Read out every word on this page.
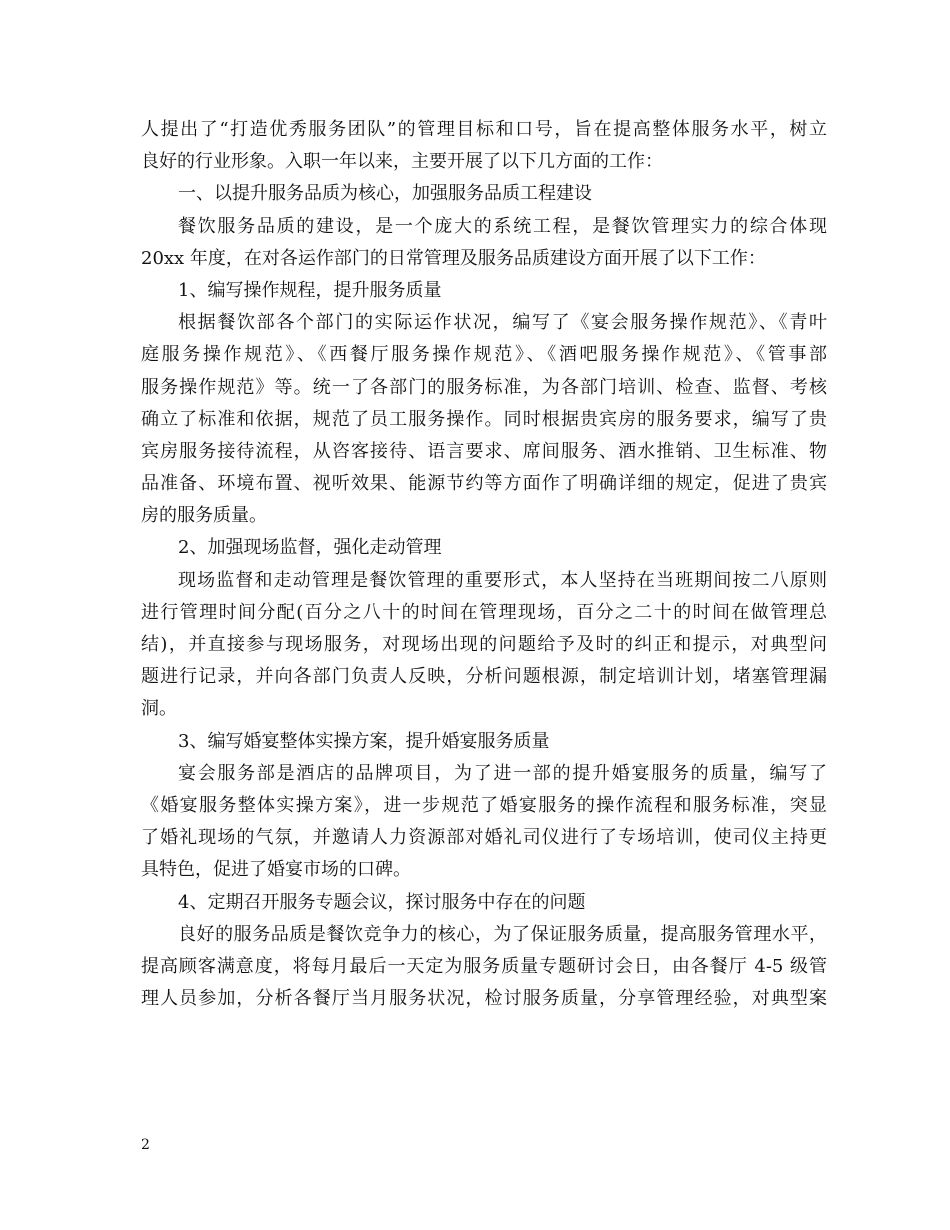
人提出了“打造优秀服务团队”的管理目标和口号，旨在提高整体服务水平，树立
良好的行业形象。入职一年以来，主要开展了以下几方面的工作：
一、以提升服务品质为核心，加强服务品质工程建设
餐饮服务品质的建设，是一个庞大的系统工程，是餐饮管理实力的综合体现
20xx 年度，在对各运作部门的日常管理及服务品质建设方面开展了以下工作：
1、编写操作规程，提升服务质量
根据餐饮部各个部门的实际运作状况，编写了《宴会服务操作规范》、《青叶
庭服务操作规范》、《西餐厅服务操作规范》、《酒吧服务操作规范》、《管事部
服务操作规范》等。统一了各部门的服务标准，为各部门培训、检查、监督、考核
确立了标准和依据，规范了员工服务操作。同时根据贵宾房的服务要求，编写了贵
宾房服务接待流程，从咨客接待、语言要求、席间服务、酒水推销、卫生标准、物
品准备、环境布置、视听效果、能源节约等方面作了明确详细的规定，促进了贵宾
房的服务质量。
2、加强现场监督，强化走动管理
现场监督和走动管理是餐饮管理的重要形式，本人坚持在当班期间按二八原则
进行管理时间分配(百分之八十的时间在管理现场，百分之二十的时间在做管理总
结)，并直接参与现场服务，对现场出现的问题给予及时的纠正和提示，对典型问
题进行记录，并向各部门负责人反映，分析问题根源，制定培训计划，堵塞管理漏
洞。
3、编写婚宴整体实操方案，提升婚宴服务质量
宴会服务部是酒店的品牌项目，为了进一部的提升婚宴服务的质量，编写了
《婚宴服务整体实操方案》，进一步规范了婚宴服务的操作流程和服务标准，突显
了婚礼现场的气氛，并邀请人力资源部对婚礼司仪进行了专场培训，使司仪主持更
具特色，促进了婚宴市场的口碑。
4、定期召开服务专题会议，探讨服务中存在的问题
良好的服务品质是餐饮竞争力的核心，为了保证服务质量，提高服务管理水平，
提高顾客满意度，将每月最后一天定为服务质量专题研讨会日，由各餐厅 4-5 级管
理人员参加，分析各餐厅当月服务状况，检讨服务质量，分享管理经验，对典型案
2
